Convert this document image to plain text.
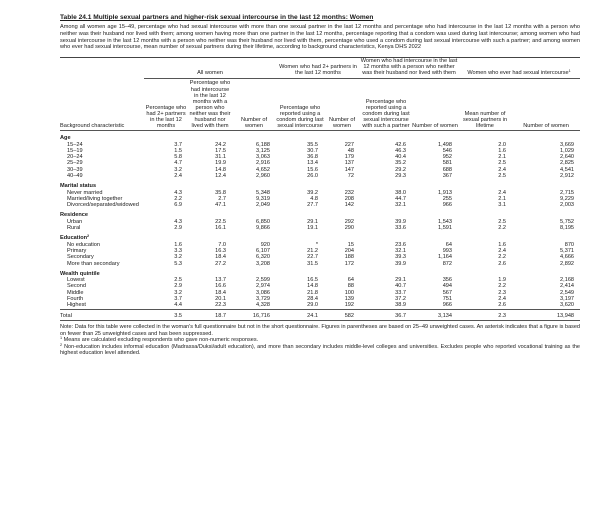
Table 24.1 Multiple sexual partners and higher-risk sexual intercourse in the last 12 months: Women
Among all women age 15–49, percentage who had sexual intercourse with more than one sexual partner in the last 12 months and percentage who had intercourse in the last 12 months with a person who neither was their husband nor lived with them; among women having more than one partner in the last 12 months, percentage reporting that a condom was used during last intercourse; among women who had sexual intercourse in the last 12 months with a person who neither was their husband nor lived with them, percentage who used a condom during last sexual intercourse with such a partner; and among women who ever had sexual intercourse, mean number of sexual partners during their lifetime, according to background characteristics, Kenya DHS 2022
	All women			Women who had 2+ partners in the last 12 months		Women who had intercourse in the last 12 months with a person who neither was their husband nor lived with them		Women who ever had sexual intercourse$^1$
Background characteristic	Percentage who had 2+ partners in the last 12 months	Percentage who had intercourse in the last 12 months with a person who neither was their husband nor lived with them	Number of women	Percentage who reported using a condom during last sexual intercourse	Number of women	Percentage who reported using a condom during last sexual intercourse with such a partner	Number of women	Mean number of sexual partners in lifetime	Number of women
Age									
15–24	3.7	24.2	6,188	35.5	227	42.6	1,498	2.0	3,669
15–19	1.5	17.5	3,125	30.7	48	46.3	546	1.6	1,029
20–24	5.8	31.1	3,063	36.8	179	40.4	952	2.1	2,640
25–29	4.7	19.9	2,916	13.4	137	35.2	581	2.5	2,825
30–39	3.2	14.8	4,652	15.6	147	29.2	688	2.4	4,541
40–49	2.4	12.4	2,960	26.0	72	29.3	367	2.5	2,912
Marital status									
Never married	4.3	35.8	5,348	39.2	232	38.0	1,913	2.4	2,715
Married/living together	2.2	2.7	9,319	4.8	208	44.7	255	2.1	9,229
Divorced/separated/widowed	6.9	47.1	2,049	27.7	142	32.1	966	3.1	2,003
Residence									
Urban	4.3	22.5	6,850	29.1	292	39.9	1,543	2.5	5,752
Rural	2.9	16.1	9,866	19.1	290	33.6	1,591	2.2	8,195
Education$^2$
No education	1.6	7.0	920	*	15	23.6	64	1.6	870
Primary	3.3	16.3	6,107	21.2	204	32.1	993	2.4	5,371
Secondary	3.2	18.4	6,320	22.7	188	39.3	1,164	2.2	4,666
More than secondary	5.3	27.2	3,208	31.5	172	39.9	872	2.6	2,892
Wealth quintile									
Lowest	2.5	13.7	2,599	16.5	64	29.1	356	1.9	2,168
Second	2.9	16.6	2,974	14.8	88	40.7	494	2.2	2,414
Middle	3.2	18.4	3,086	21.8	100	33.7	567	2.3	2,549
Fourth	3.7	20.1	3,729	28.4	139	37.2	751	2.4	3,197
Highest	4.4	22.3	4,328	29.0	192	38.9	966	2.6	3,620
Total	3.5	18.7	16,716	24.1	582	36.7	3,134	2.3	13,948
Note: Data for this table were collected in the woman's full questionnaire but not in the short questionnaire. Figures in parentheses are based on 25–49 unweighted cases. An asterisk indicates that a figure is based on fewer than 25 unweighted cases and has been suppressed.
$^1$ Means are calculated excluding respondents who gave non-numeric responses.
$^2$ Non-education includes informal education (Madrassa/Duksi/adult education), and more than secondary includes middle-level colleges and universities. Excludes people who reported vocational training as the highest education level attended.
